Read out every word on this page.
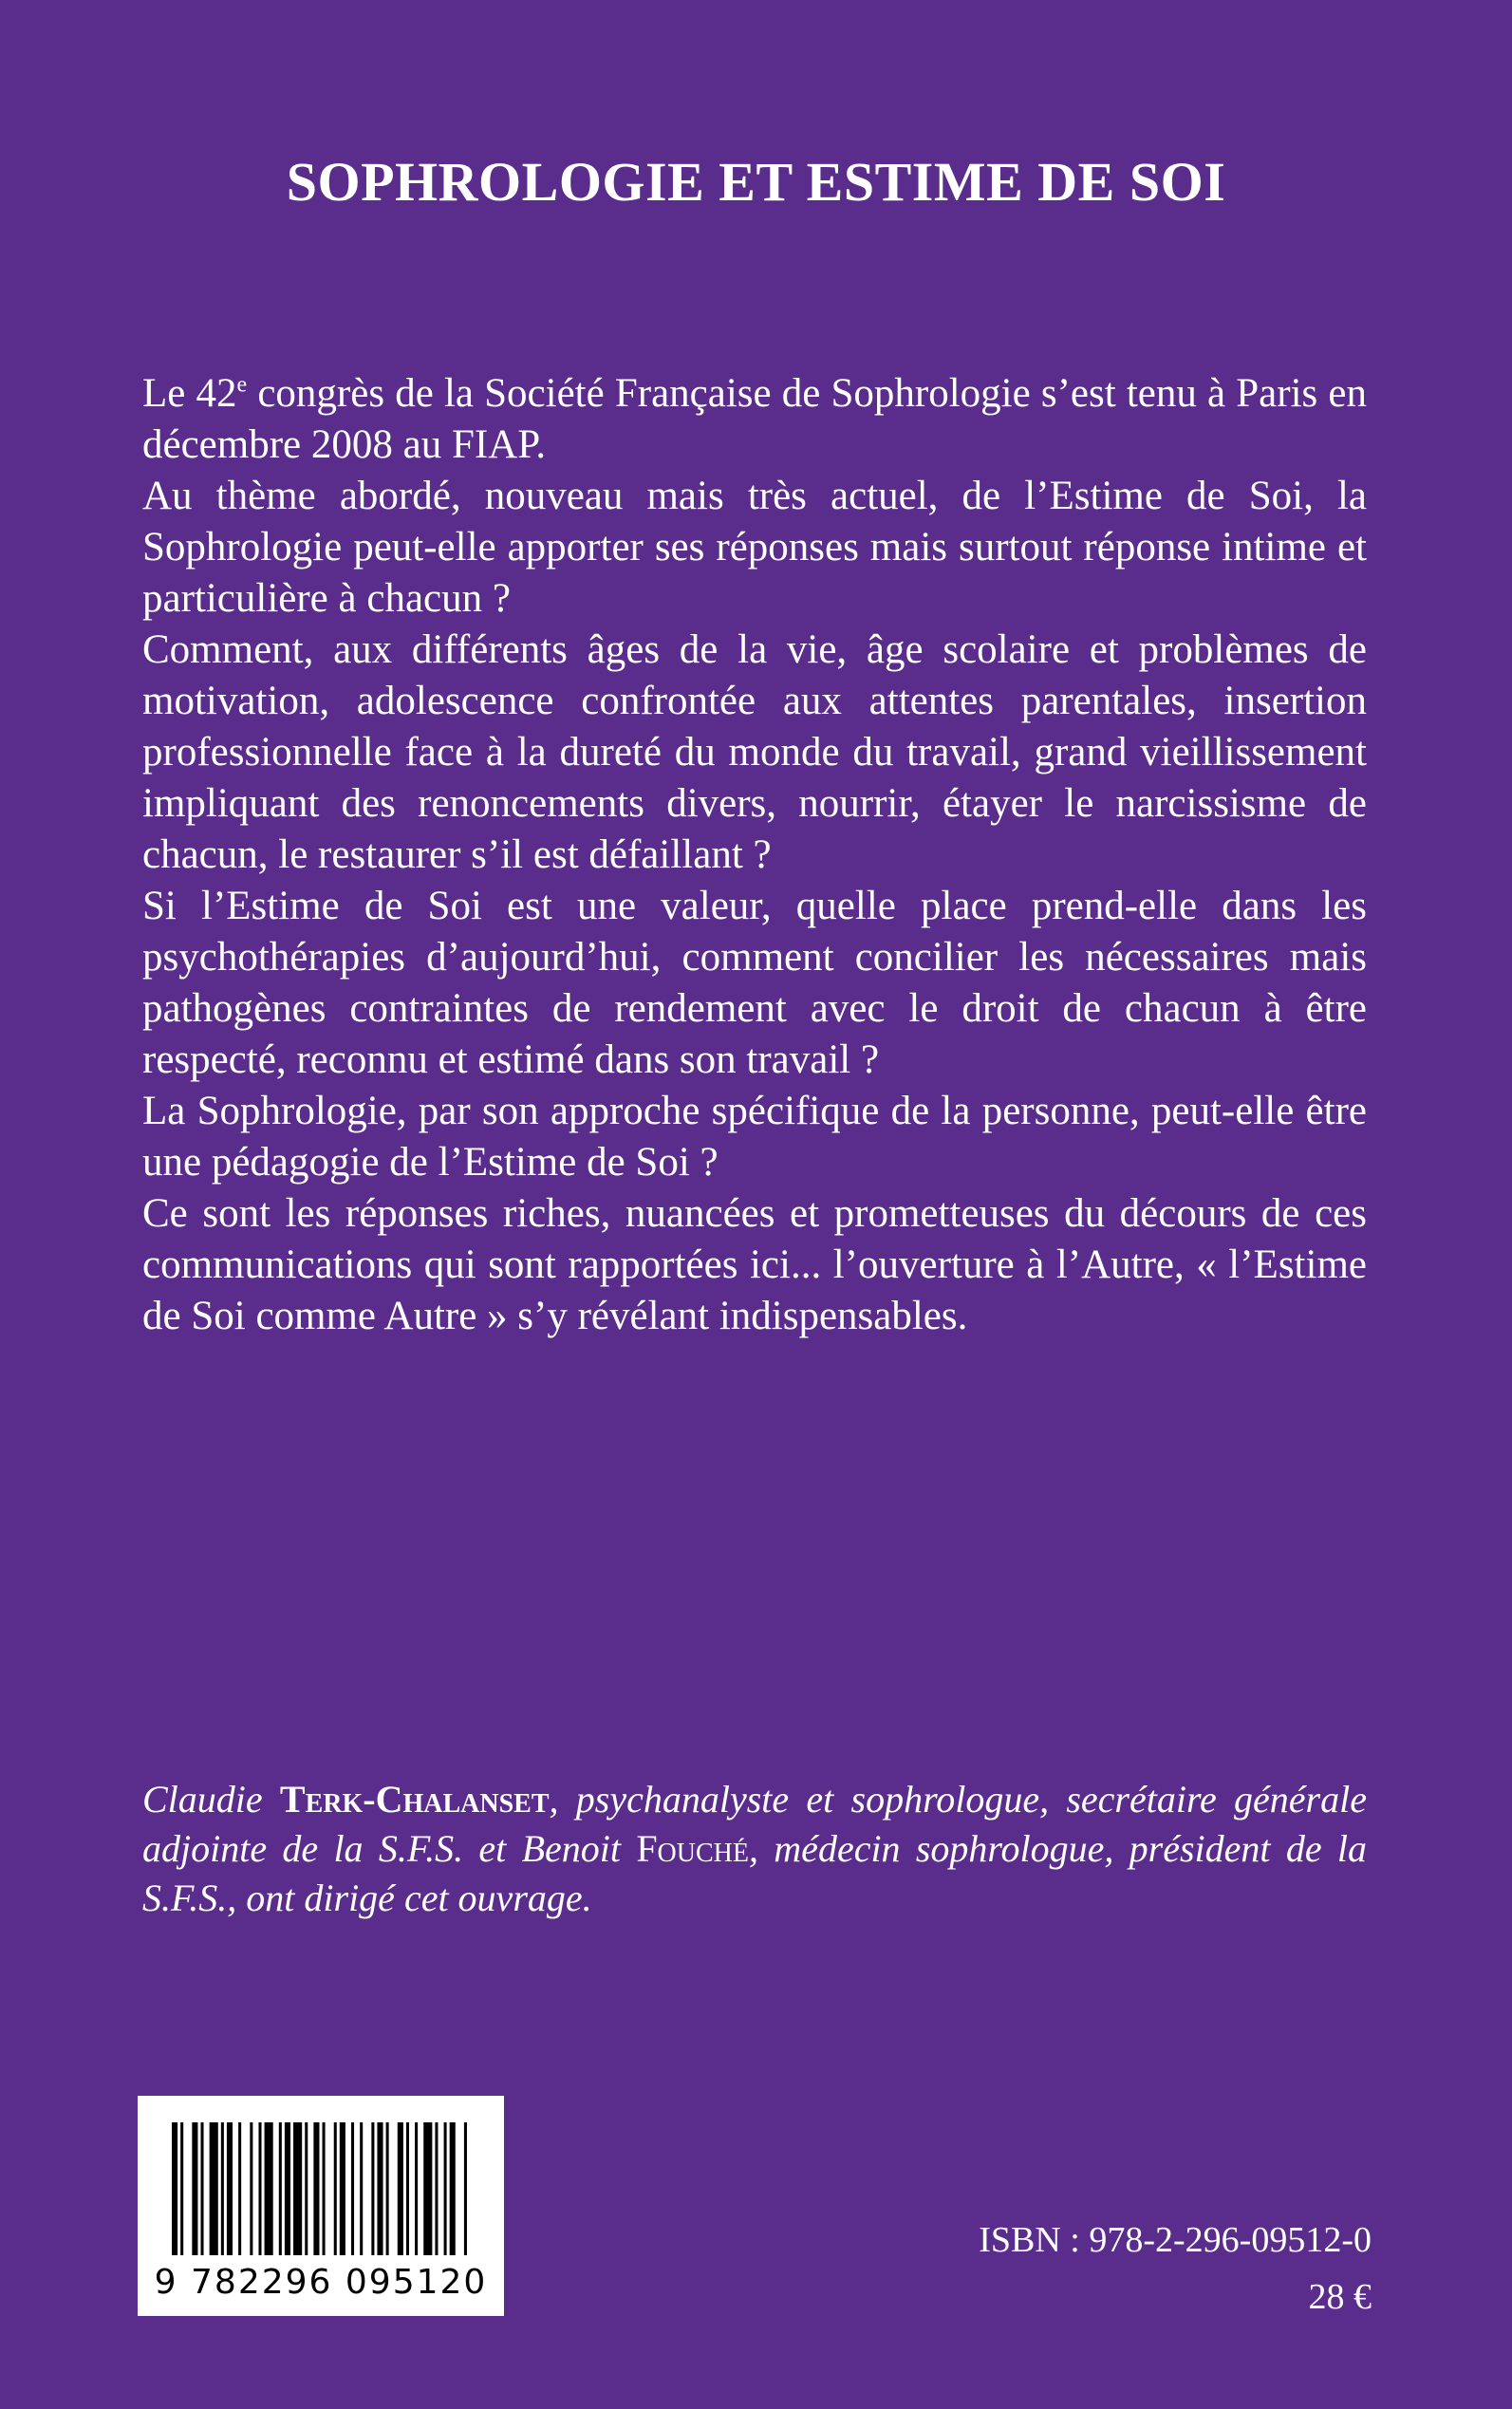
SOPHROLOGIE ET ESTIME DE SOI

Le 42e congrès de la Société Française de Sophrologie s’est tenu à Paris en décembre 2008 au FIAP.

Au thème abordé, nouveau mais très actuel, de l’Estime de Soi, la Sophrologie peut-elle apporter ses réponses mais surtout réponse intime et particulière à chacun ?

Comment, aux différents âges de la vie, âge scolaire et problèmes de motivation, adolescence confrontée aux attentes parentales, insertion professionnelle face à la dureté du monde du travail, grand vieillissement impliquant des renoncements divers, nourrir, étayer le narcissisme de chacun, le restaurer s’il est défaillant ?

Si l’Estime de Soi est une valeur, quelle place prend-elle dans les psychothérapies d’aujourd’hui, comment concilier les nécessaires mais pathogènes contraintes de rendement avec le droit de chacun à être respecté, reconnu et estimé dans son travail ?

La Sophrologie, par son approche spécifique de la personne, peut-elle être une pédagogie de l’Estime de Soi ?

Ce sont les réponses riches, nuancées et prometteuses du décours de ces communications qui sont rapportées ici... l’ouverture à l’Autre, « l’Estime de Soi comme Autre » s’y révélant indispensables.

Claudie Terk-Chalanset, psychanalyste et sophrologue, secrétaire générale adjointe de la S.F.S. et Benoit Fouché, médecin sophrologue, président de la S.F.S., ont dirigé cet ouvrage.
9 782296 095120
ISBN : 978-2-296-09512-0
28 €
